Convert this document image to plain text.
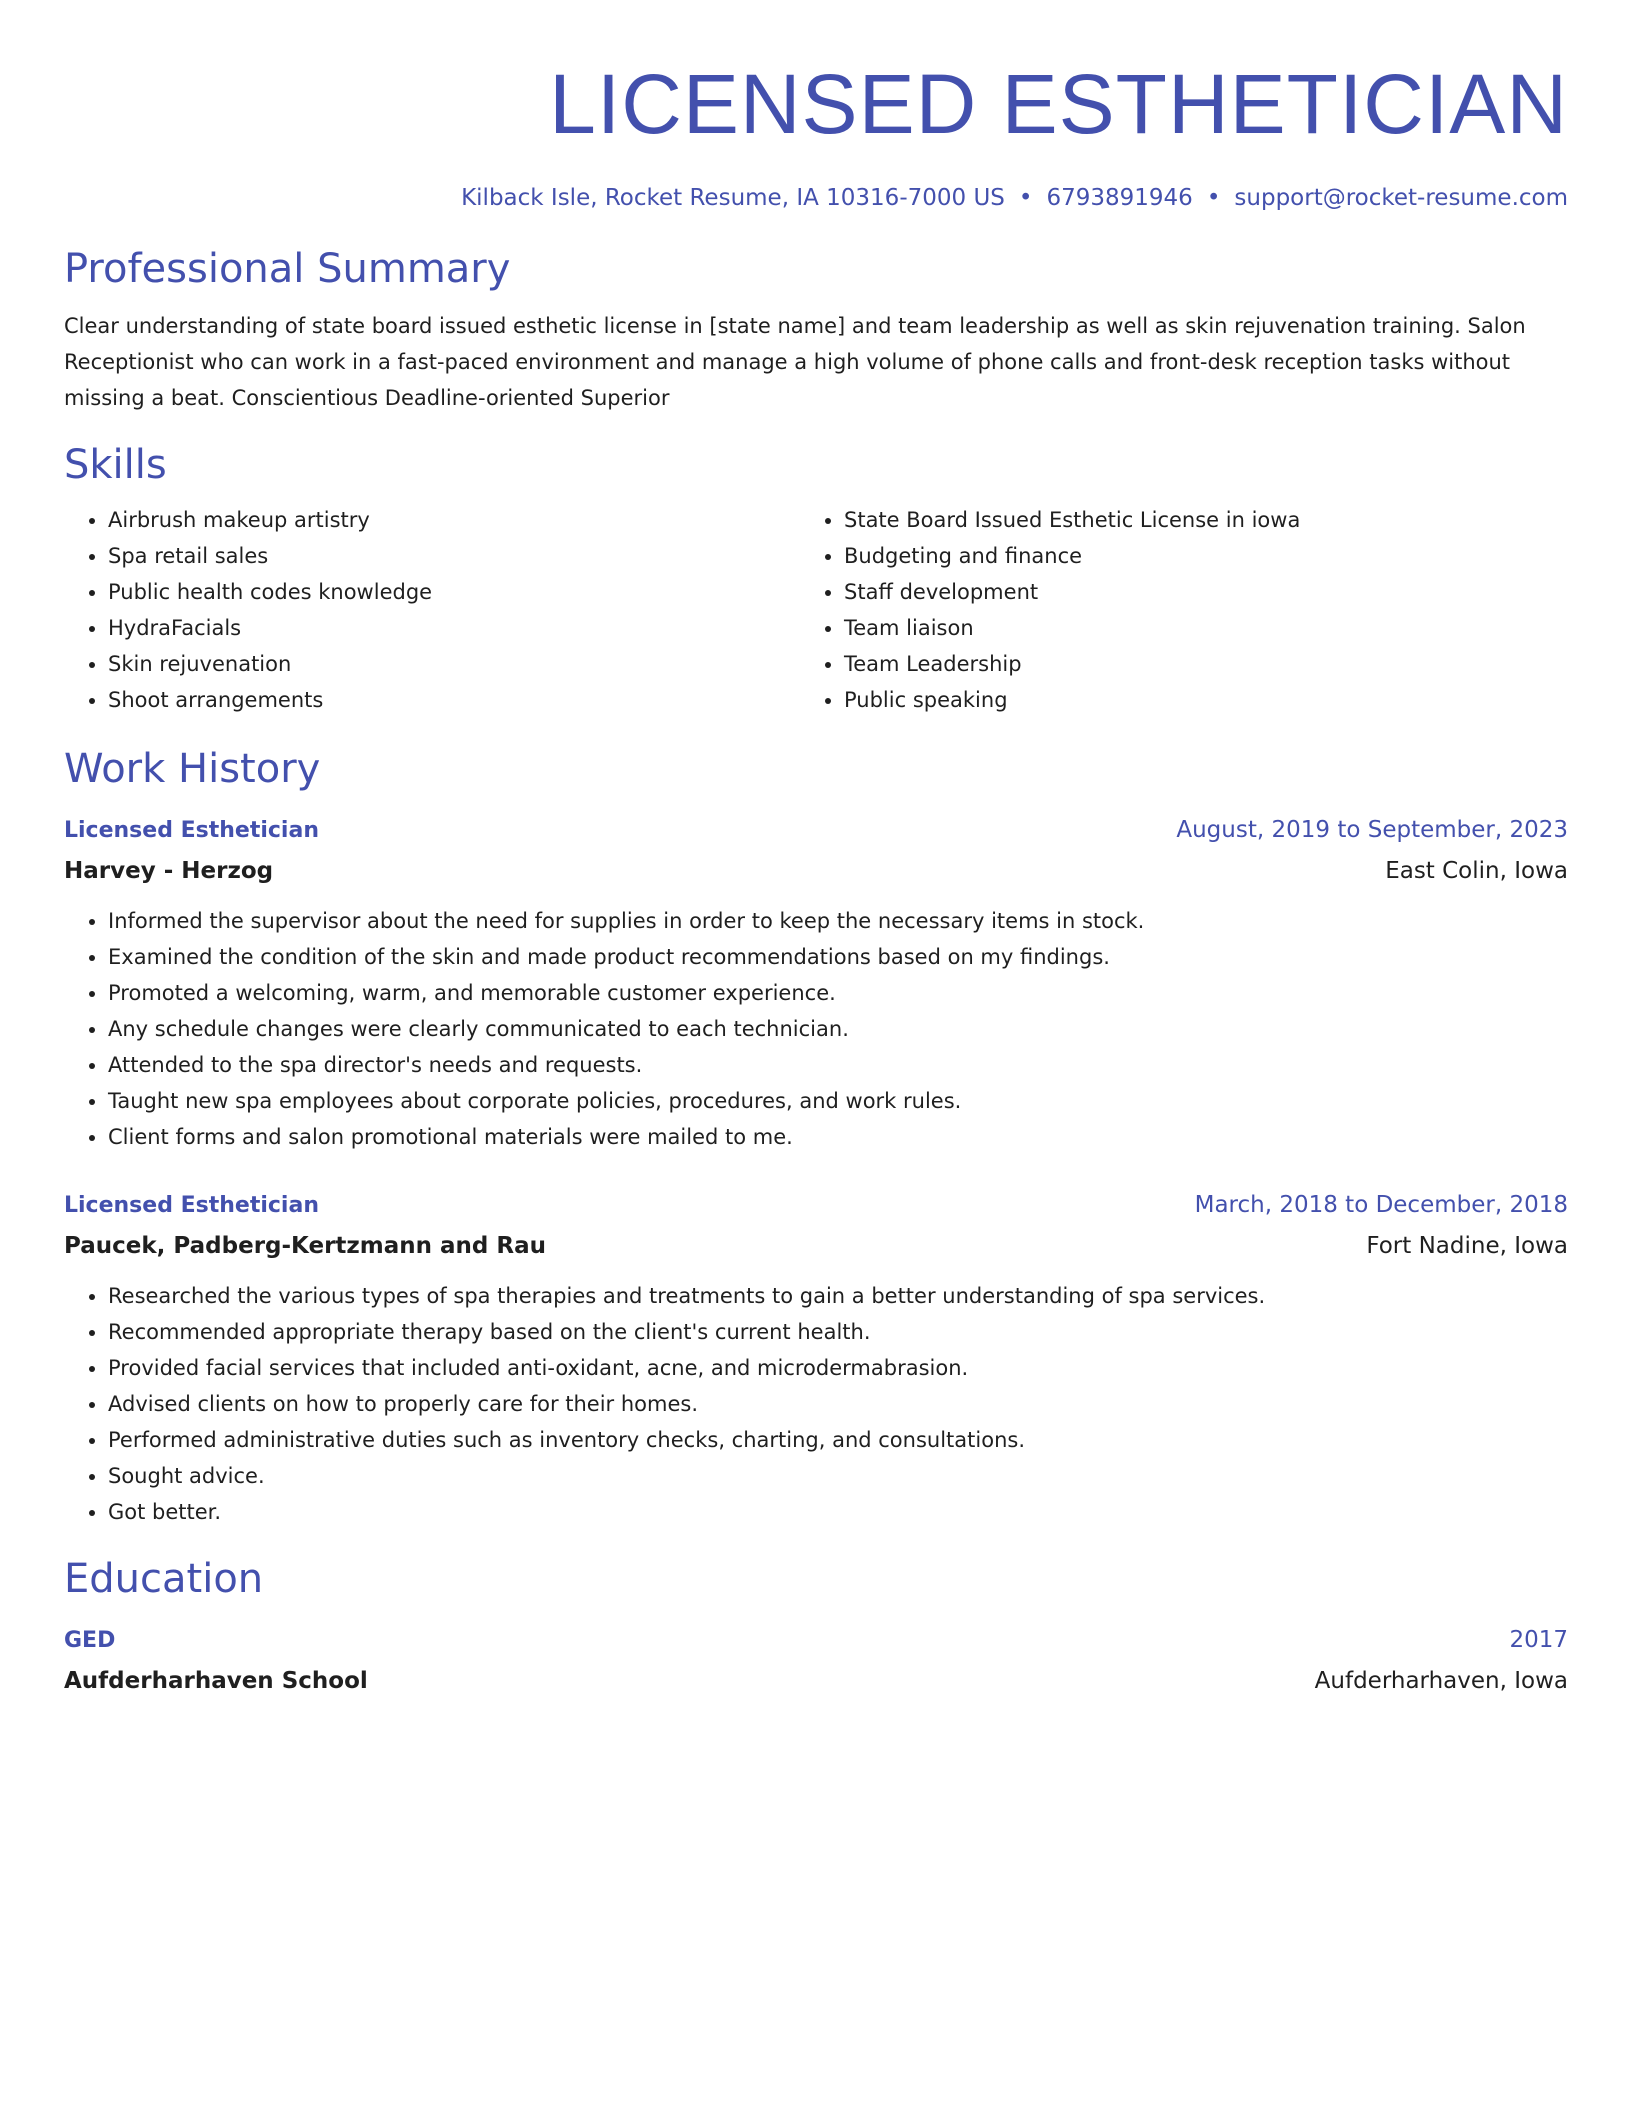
LICENSED ESTHETICIAN
Kilback Isle, Rocket Resume, IA 10316-7000 US • 6793891946 • support@rocket-resume.com
Professional Summary
Clear understanding of state board issued esthetic license in [state name] and team leadership as well as skin rejuvenation training. Salon Receptionist who can work in a fast-paced environment and manage a high volume of phone calls and front-desk reception tasks without missing a beat. Conscientious Deadline-oriented Superior
Skills
• Airbrush makeup artistry
• Spa retail sales
• Public health codes knowledge
• HydraFacials
• Skin rejuvenation
• Shoot arrangements
• State Board Issued Esthetic License in iowa
• Budgeting and finance
• Staff development
• Team liaison
• Team Leadership
• Public speaking
Work History
Licensed Esthetician	August, 2019 to September, 2023
Harvey - Herzog	East Colin, Iowa
• Informed the supervisor about the need for supplies in order to keep the necessary items in stock.
• Examined the condition of the skin and made product recommendations based on my findings.
• Promoted a welcoming, warm, and memorable customer experience.
• Any schedule changes were clearly communicated to each technician.
• Attended to the spa director's needs and requests.
• Taught new spa employees about corporate policies, procedures, and work rules.
• Client forms and salon promotional materials were mailed to me.
Licensed Esthetician	March, 2018 to December, 2018
Paucek, Padberg-Kertzmann and Rau	Fort Nadine, Iowa
• Researched the various types of spa therapies and treatments to gain a better understanding of spa services.
• Recommended appropriate therapy based on the client's current health.
• Provided facial services that included anti-oxidant, acne, and microdermabrasion.
• Advised clients on how to properly care for their homes.
• Performed administrative duties such as inventory checks, charting, and consultations.
• Sought advice.
• Got better.
Education
GED	2017
Aufderharhaven School	Aufderharhaven, Iowa
